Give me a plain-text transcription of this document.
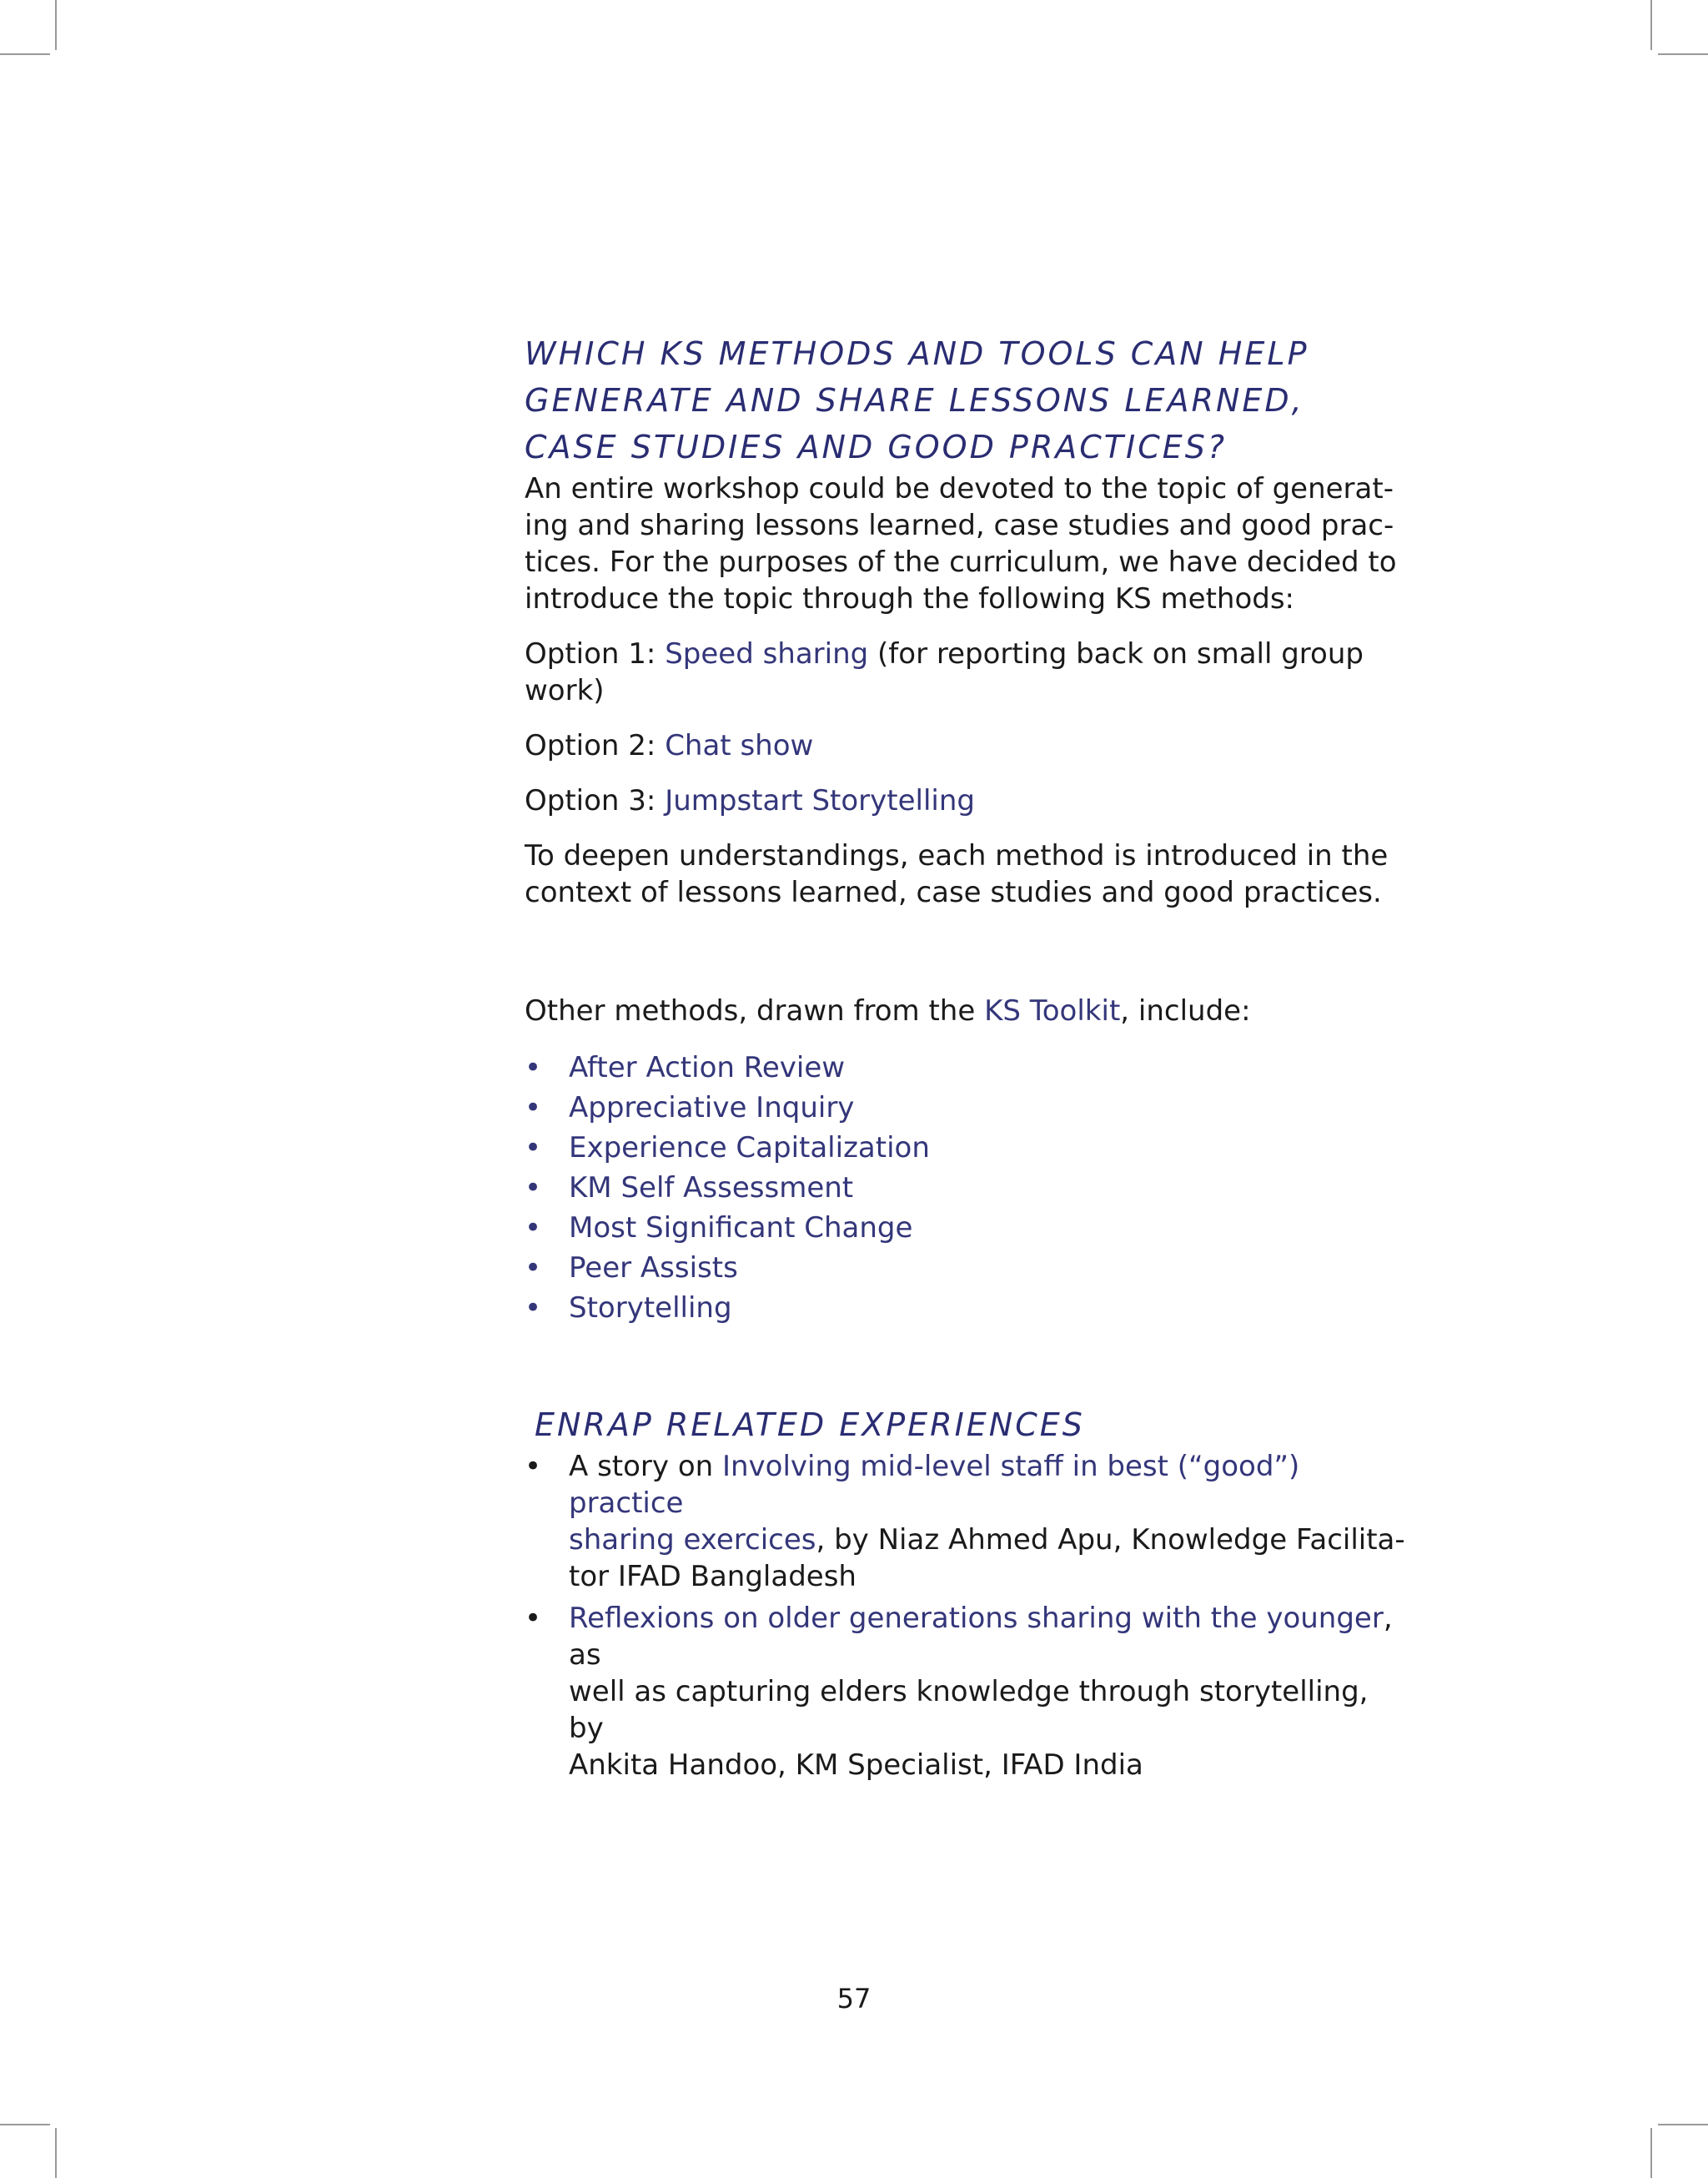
WHICH KS METHODS AND TOOLS CAN HELP
GENERATE AND SHARE LESSONS LEARNED,
CASE STUDIES AND GOOD PRACTICES?

An entire workshop could be devoted to the topic of generat-
ing and sharing lessons learned, case studies and good prac-
tices. For the purposes of the curriculum, we have decided to
introduce the topic through the following KS methods:

Option 1: Speed sharing (for reporting back on small group
work)

Option 2: Chat show

Option 3: Jumpstart Storytelling

To deepen understandings, each method is introduced in the
context of lessons learned, case studies and good practices.

Other methods, drawn from the KS Toolkit, include:

• After Action Review
• Appreciative Inquiry
• Experience Capitalization
• KM Self Assessment
• Most Significant Change
• Peer Assists
• Storytelling
ENRAP RELATED EXPERIENCES
• A story on Involving mid-level staff in best (“good”) practice
sharing exercices, by Niaz Ahmed Apu, Knowledge Facilita-
tor IFAD Bangladesh
• Reflexions on older generations sharing with the younger, as
well as capturing elders knowledge through storytelling, by
Ankita Handoo, KM Specialist, IFAD India
57
